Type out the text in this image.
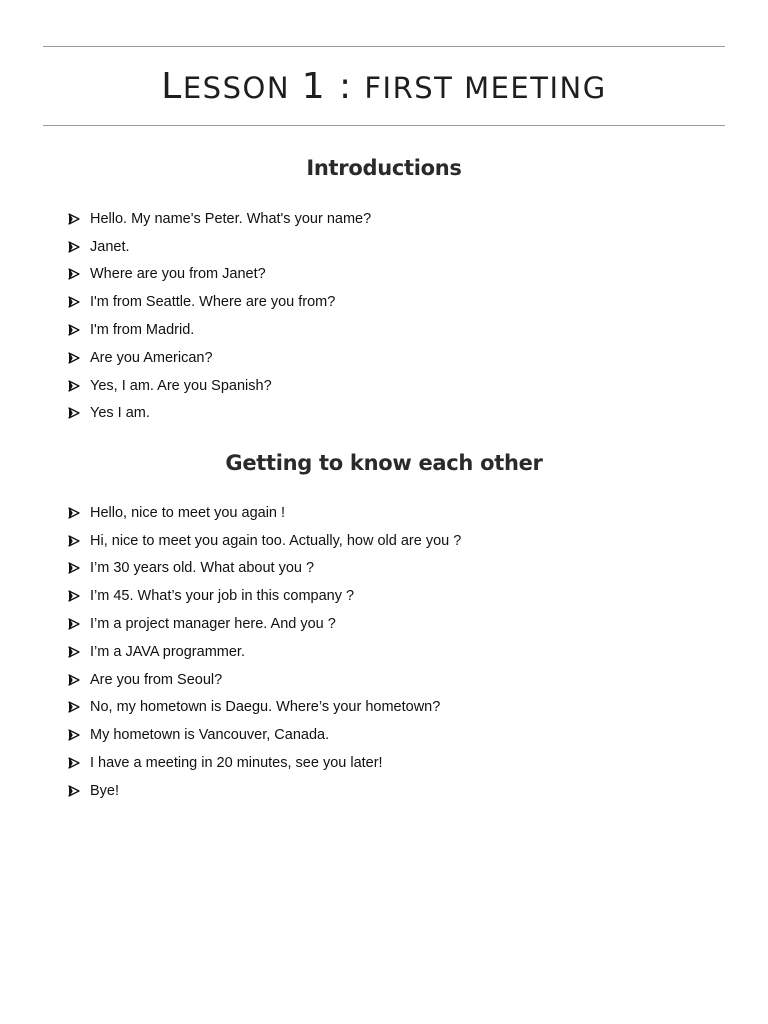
LESSON 1 : FIRST MEETING
Introductions
Hello. My name's Peter. What's your name?
Janet.
Where are you from Janet?
I'm from Seattle. Where are you from?
I'm from Madrid.
Are you American?
Yes, I am. Are you Spanish?
Yes I am.
Getting to know each other
Hello, nice to meet you again !
Hi, nice to meet you again too. Actually, how old are you ?
I’m 30 years old. What about you ?
I’m 45. What’s your job in this company ?
I’m a project manager here. And you ?
I’m a JAVA programmer.
Are you from Seoul?
No, my hometown is Daegu. Where’s your hometown?
My hometown is Vancouver, Canada.
I have a meeting in 20 minutes, see you later!
Bye!
